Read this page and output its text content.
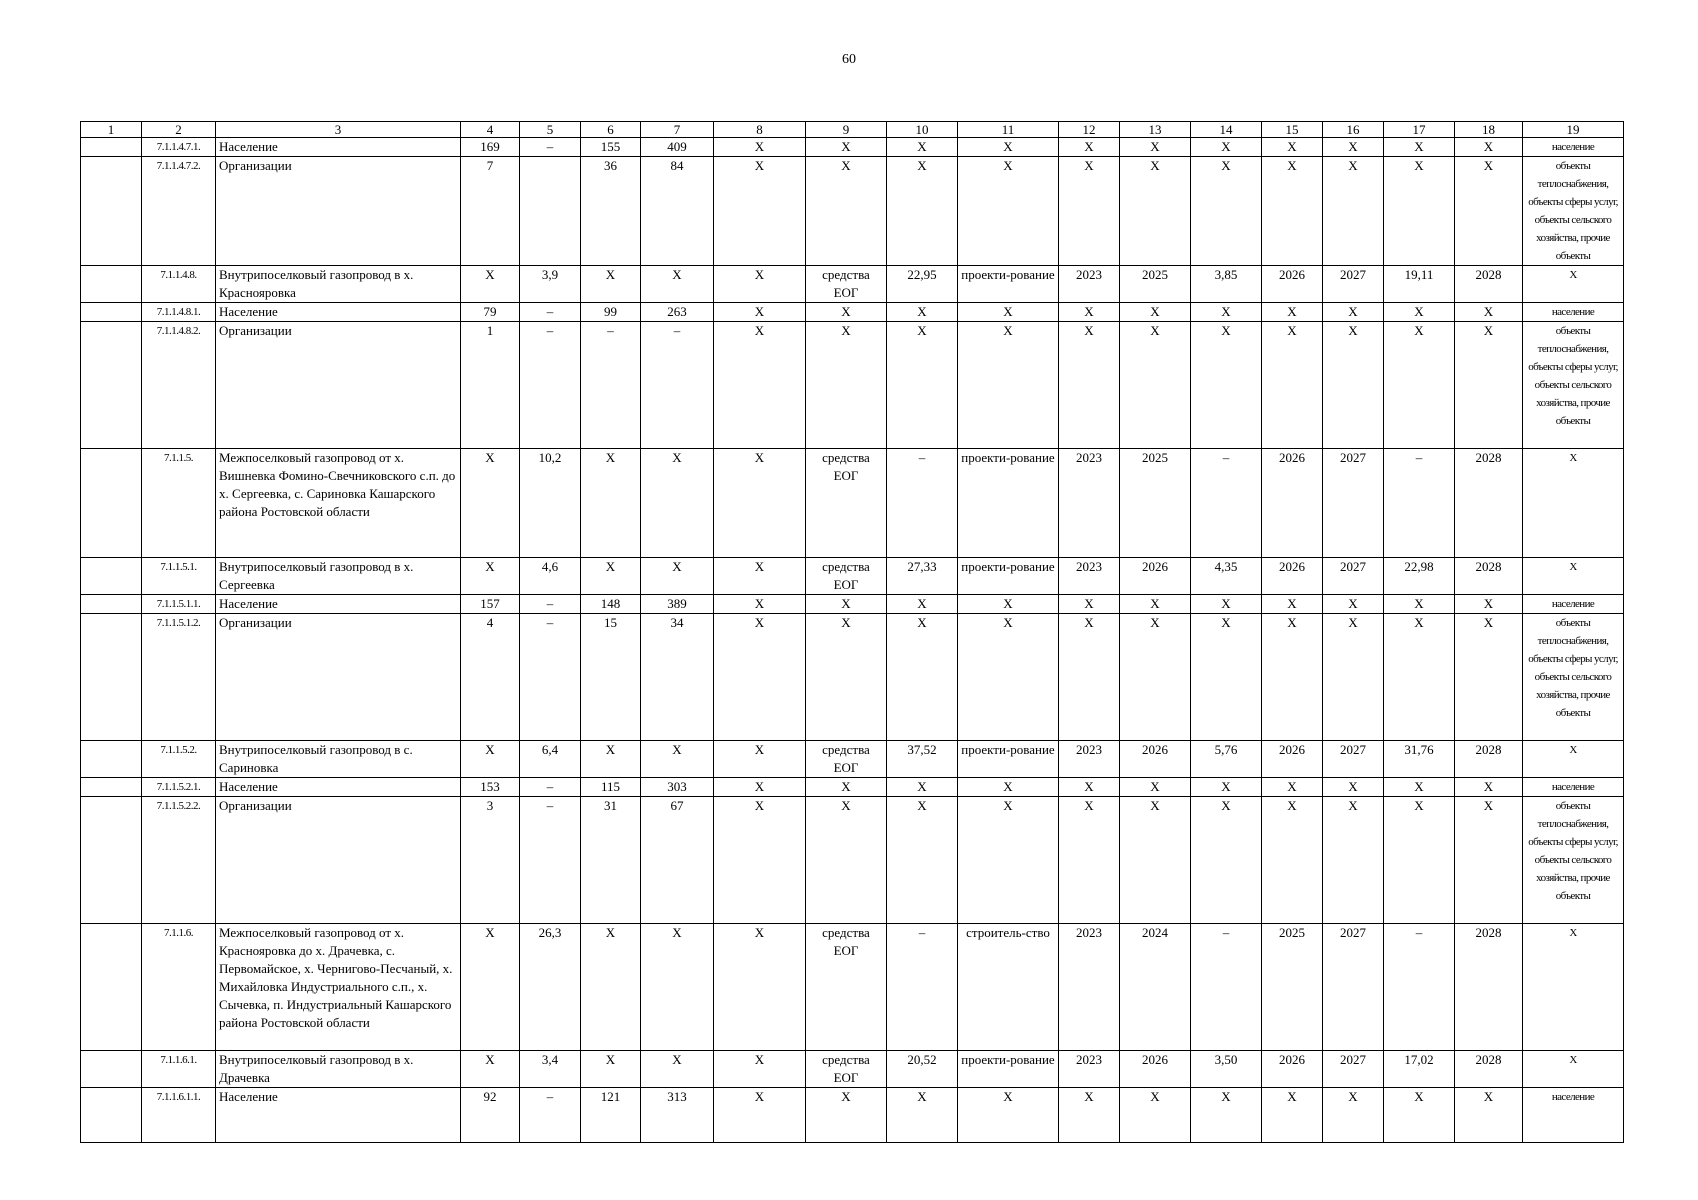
60
1	2	3	4	5	6	7	8	9	10	11	12	13	14	15	16	17	18	19
	7.1.1.4.7.1.	Население	169	–	155	409	X	X	X	X	X	X	X	X	X	X	X	население
	7.1.1.4.7.2.	Организации	7		36	84	X	X	X	X	X	X	X	X	X	X	X	объекты теплоснабжения, объекты сферы услуг, объекты сельского хозяйства, прочие объекты
	7.1.1.4.8.	Внутрипоселковый газопровод в х. Краснояровка	X	3,9	X	X	X	средства ЕОГ	22,95	проекти-рование	2023	2025	3,85	2026	2027	19,11	2028	X
	7.1.1.4.8.1.	Население	79	–	99	263	X	X	X	X	X	X	X	X	X	X	X	население
	7.1.1.4.8.2.	Организации	1	–	–	–	X	X	X	X	X	X	X	X	X	X	X	объекты теплоснабжения, объекты сферы услуг, объекты сельского хозяйства, прочие объекты
	7.1.1.5.	Межпоселковый газопровод от х. Вишневка Фомино-Свечниковского с.п. до х. Сергеевка, с. Сариновка Кашарского района Ростовской области	X	10,2	X	X	X	средства ЕОГ	–	проекти-рование	2023	2025	–	2026	2027	–	2028	X
	7.1.1.5.1.	Внутрипоселковый газопровод в х. Сергеевка	X	4,6	X	X	X	средства ЕОГ	27,33	проекти-рование	2023	2026	4,35	2026	2027	22,98	2028	X
	7.1.1.5.1.1.	Население	157	–	148	389	X	X	X	X	X	X	X	X	X	X	X	население
	7.1.1.5.1.2.	Организации	4	–	15	34	X	X	X	X	X	X	X	X	X	X	X	объекты теплоснабжения, объекты сферы услуг, объекты сельского хозяйства, прочие объекты
	7.1.1.5.2.	Внутрипоселковый газопровод в с. Сариновка	X	6,4	X	X	X	средства ЕОГ	37,52	проекти-рование	2023	2026	5,76	2026	2027	31,76	2028	X
	7.1.1.5.2.1.	Население	153	–	115	303	X	X	X	X	X	X	X	X	X	X	X	население
	7.1.1.5.2.2.	Организации	3	–	31	67	X	X	X	X	X	X	X	X	X	X	X	объекты теплоснабжения, объекты сферы услуг, объекты сельского хозяйства, прочие объекты
	7.1.1.6.	Межпоселковый газопровод от х. Краснояровка до х. Драчевка, с. Первомайское, х. Чернигово-Песчаный, х. Михайловка Индустриального с.п., х. Сычевка, п. Индустриальный Кашарского района Ростовской области	X	26,3	X	X	X	средства ЕОГ	–	строитель-ство	2023	2024	–	2025	2027	–	2028	X
	7.1.1.6.1.	Внутрипоселковый газопровод в х. Драчевка	X	3,4	X	X	X	средства ЕОГ	20,52	проекти-рование	2023	2026	3,50	2026	2027	17,02	2028	X
	7.1.1.6.1.1.	Население	92	–	121	313	X	X	X	X	X	X	X	X	X	X	X	население
